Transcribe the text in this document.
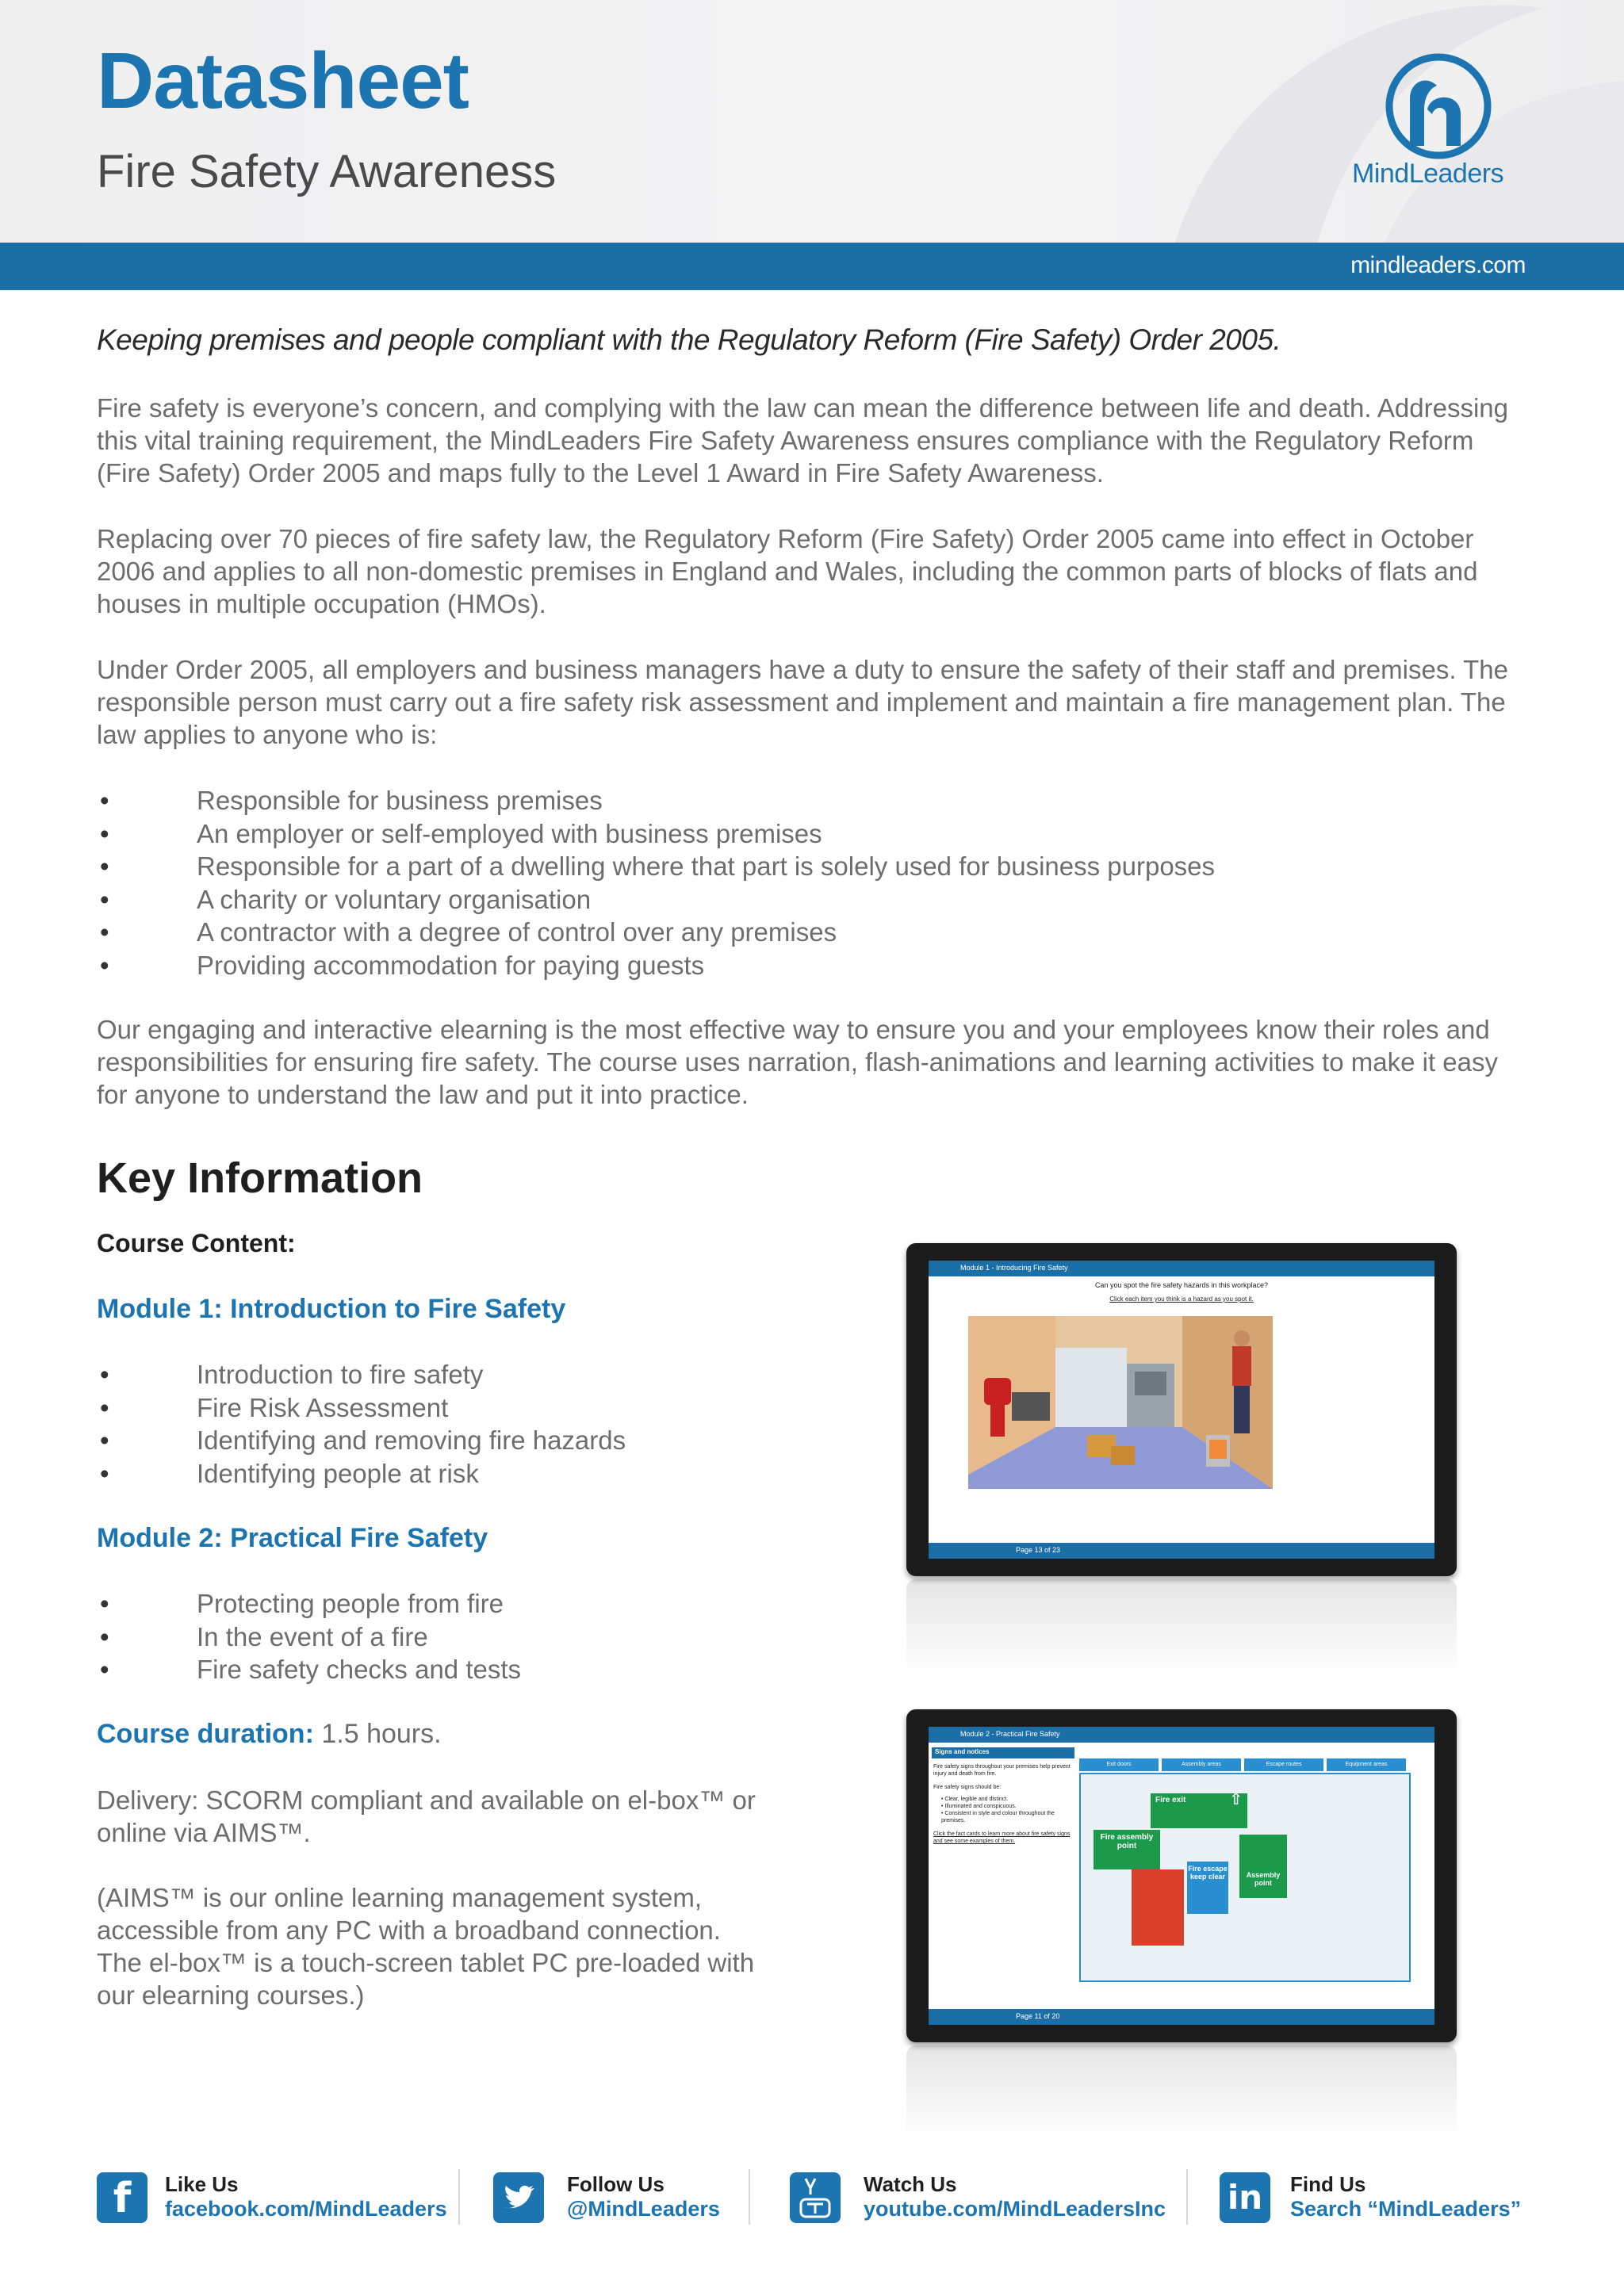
Datasheet
Fire Safety Awareness	MindLeaders
mindleaders.com
Keeping premises and people compliant with the Regulatory Reform (Fire Safety) Order 2005.
Fire safety is everyone’s concern, and complying with the law can mean the difference between life and death. Addressing this vital training requirement, the MindLeaders Fire Safety Awareness ensures compliance with the Regulatory Reform (Fire Safety) Order 2005 and maps fully to the Level 1 Award in Fire Safety Awareness.
Replacing over 70 pieces of fire safety law, the Regulatory Reform (Fire Safety) Order 2005 came into effect in October 2006 and applies to all non-domestic premises in England and Wales, including the common parts of blocks of flats and houses in multiple occupation (HMOs).
Under Order 2005, all employers and business managers have a duty to ensure the safety of their staff and premises. The responsible person must carry out a fire safety risk assessment and implement and maintain a fire management plan. The law applies to anyone who is:
•	Responsible for business premises
•	An employer or self-employed with business premises
•	Responsible for a part of a dwelling where that part is solely used for business purposes
•	A charity or voluntary organisation
•	A contractor with a degree of control over any premises
•	Providing accommodation for paying guests
Our engaging and interactive elearning is the most effective way to ensure you and your employees know their roles and responsibilities for ensuring fire safety. The course uses narration, flash-animations and learning activities to make it easy for anyone to understand the law and put it into practice.
Key Information
Course Content:
Module 1: Introduction to Fire Safety
•	Introduction to fire safety
•	Fire Risk Assessment
•	Identifying and removing fire hazards
•	Identifying people at risk
Module 2: Practical Fire Safety
•	Protecting people from fire
•	In the event of a fire
•	Fire safety checks and tests
Course duration: 1.5 hours.
Delivery: SCORM compliant and available on el-box™ or online via AIMS™.
(AIMS™ is our online learning management system, accessible from any PC with a broadband connection. The el-box™ is a touch-screen tablet PC pre-loaded with our elearning courses.)
Module 1 - Introducing Fire Safety
Can you spot the fire safety hazards in this workplace?
Click each item you think is a hazard as you spot it.
Page 13 of 23
Module 2 - Practical Fire Safety
Signs and notices
Fire safety signs throughout your premises help prevent injury and death from fire.
Fire safety signs should be:
• Clear, legible and distinct.
• Illuminated and conspicuous.
• Consistent in style and colour throughout the premises.
Click the fact cards to learn more about fire safety signs and see some examples of them.
Exit doors	Assembly areas	Escape routes	Equipment areas
Fire exit	⇧
Fire assembly point
Fire escape keep clear	Assembly point
Page 11 of 20
f	Like Us
facebook.com/MindLeaders
Follow Us
@MindLeaders
Watch Us
youtube.com/MindLeadersInc in	Find Us
Search “MindLeaders”
